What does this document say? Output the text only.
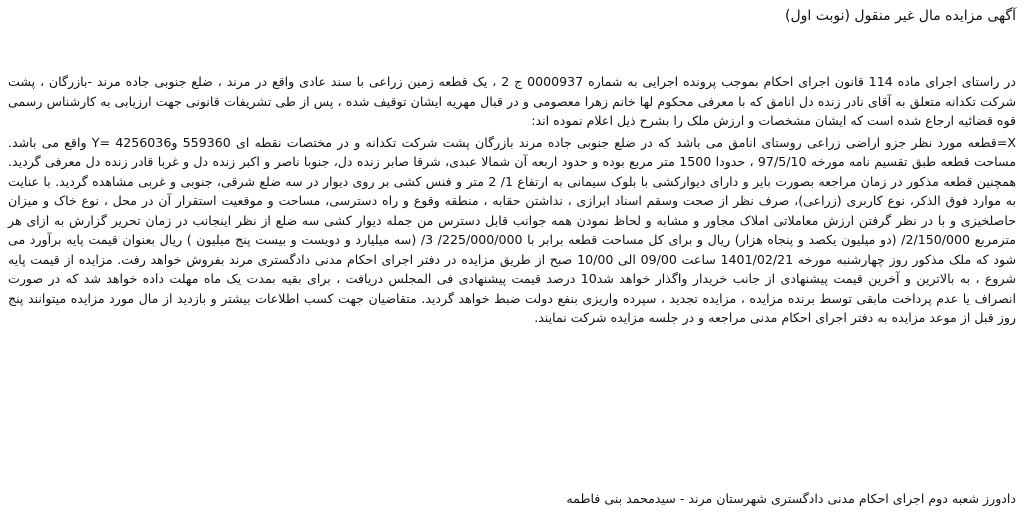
آگهی مزایده مال غیر منقول (نوبت اول)

در راستای اجرای ماده 114 قانون اجرای احکام بموجب پرونده اجرایی به شماره 0000937 ج 2 ، یک قطعه زمین زراعی با سند عادی واقع در مرند ، ضلع جنوبی جاده مرند -بازرگان ، پشت شرکت تکدانه متعلق به آقای نادر زنده دل انامق که با معرفی محکوم لها خانم زهرا معصومی و در قبال مهریه ایشان توقیف شده ، پس از طی تشریفات قانونی جهت ارزیابی به کارشناس رسمی قوه قضائیه ارجاع شده است که ایشان مشخصات و ارزش ملک را بشرح ذیل اعلام نموده اند:

X=قطعه مورد نظر جزو اراضی زراعی روستای انامق می باشد که در ضلع جنوبی جاده مرند بازرگان پشت شرکت تکدانه و در مختصات نقطه ای 559360 وY= 4256036 واقع می باشد. مساحت قطعه طبق تقسیم نامه مورخه 97/5/10 ، حدودا 1500 متر مربع بوده و حدود اربعه آن شمالا عبدی، شرقا صابر زنده دل، جنوبا ناصر و اکبر زنده دل و غربا قادر زنده دل معرفی گردید. همچنین قطعه مذکور در زمان مراجعه بصورت بایر و دارای دیوارکشی با بلوک سیمانی به ارتفاع 1/ 2 متر و فنس کشی بر روی دیوار در سه ضلع شرقی، جنوبی و غربی مشاهده گردید. با عنایت به موارد فوق الذکر، نوع کاربری (زراعی)، صرف نظر از صحت وسقم اسناد ابرازی ، نداشتن حقابه ، منطقه وقوع و راه دسترسی، مساحت و موقعیت استقرار آن در محل ، نوع خاک و میزان حاصلخیزی و با در نظر گرفتن ارزش معاملاتی املاک مجاور و مشابه و لحاظ نمودن همه جوانب قابل دسترس من جمله دیوار کشی سه ضلع از نظر اینجانب در زمان تحریر گزارش به ازای هر مترمربع 2/150/000/ (دو میلیون یکصد و پنجاه هزار) ریال و برای کل مساحت قطعه برابر با 225/000/000/ 3/ (سه میلیارد و دویست و بیست پنج میلیون ) ریال بعنوان قیمت پایه برآورد می شود که ملک مذکور روز چهارشنبه مورخه 1401/02/21 ساعت 09/00 الی 10/00 صبح از طریق مزایده در دفتر اجرای احکام مدنی دادگستری مرند بفروش خواهد رفت. مزایده از قیمت پایه شروع ، به بالاترین و آخرین قیمت پیشنهادی از جانب خریدار واگذار خواهد شد10 درصد قیمت پیشنهادی فی المجلس دریافت ، برای بقیه بمدت یک ماه مهلت داده خواهد شد که در صورت انصراف یا عدم پرداخت مابقی توسط برنده مزایده ، مزایده تجدید ، سپرده واریزی بنفع دولت ضبط خواهد گردید. متقاضیان جهت کسب اطلاعات بیشتر و بازدید از مال مورد مزایده میتوانند پنج روز قبل از موعد مزایده به دفتر اجرای احکام مدنی مراجعه و در جلسه مزایده شرکت نمایند.

دادورز شعبه دوم اجرای احکام مدنی دادگستری شهرستان مرند - سیدمحمد بنی فاطمه
